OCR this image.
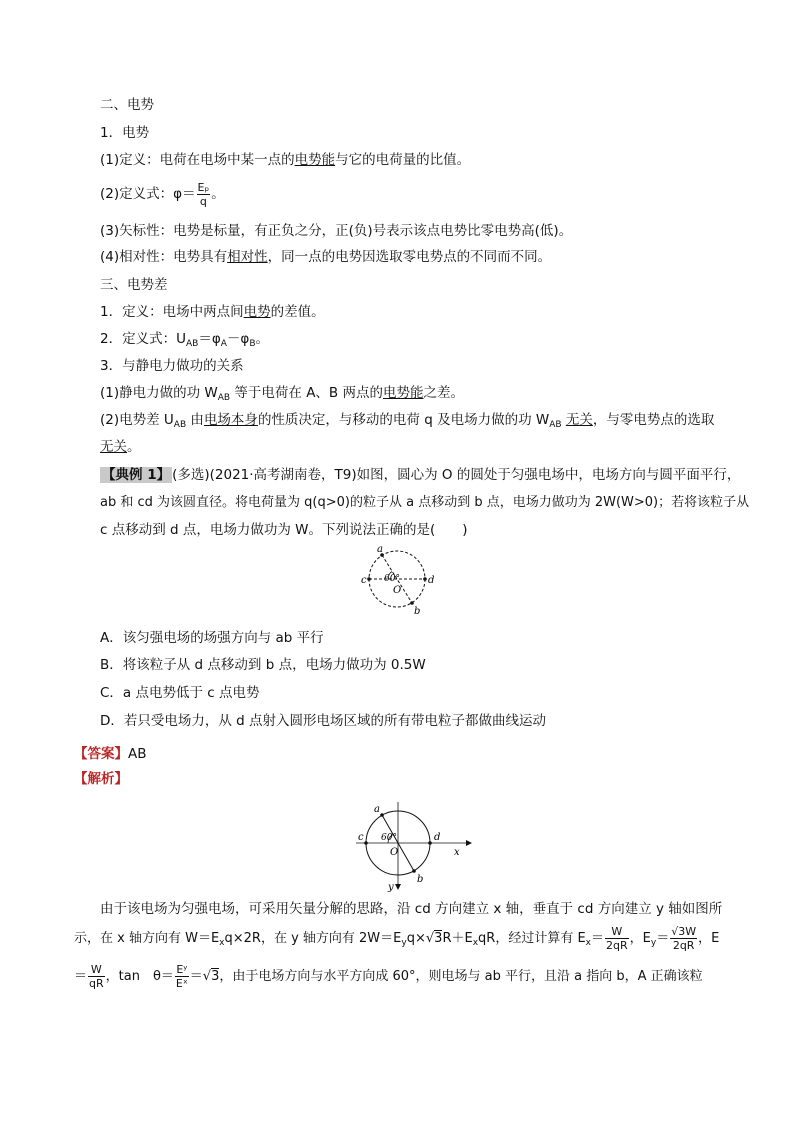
二、电势
1．电势
(1)定义：电荷在电场中某一点的电势能与它的电荷量的比值。
(2)定义式：$\varphi= \frac{\text{Eₚ}}{q}$ 。
(3)矢标性：电势是标量，有正负之分，正(负)号表示该点电势比零电势高(低)。
(4)相对性：电势具有相对性，同一点的电势因选取零电势点的不同而不同。
三、电势差
1．定义：电场中两点间电势的差值。
2．定义式：$U_{AB}=\varphi_A-\varphi_B$。
3．与静电力做功的关系
(1)静电力做的功 $W_{AB}$ 等于电荷在 A、B 两点的电势能之差。
(2)电势差 $U_{AB}$ 由电场本身的性质决定，与移动的电荷 q 及电场力做的功 $W_{AB}$ 无关，与零电势点的选取
无关。
【典例 1】 (多选)(2021·高考湖南卷，T9)如图，圆心为 O 的圆处于匀强电场中，电场方向与圆平面平行，
ab 和 cd 为该圆直径。将电荷量为 q(q>0)的粒子从 a 点移动到 b 点，电场力做功为 2W(W>0)；若将该粒子从
c 点移动到 d 点，电场力做功为 W。下列说法正确的是(　　)
a
b
c	d
O
60°
A．该匀强电场的场强方向与 ab 平行
B．将该粒子从 d 点移动到 b 点，电场力做功为 0.5W
C．a 点电势低于 c 点电势
D．若只受电场力，从 d 点射入圆形电场区域的所有带电粒子都做曲线运动
【答案】AB
【解析】
a
b
c	d
O	x
y
60°
由于该电场为匀强电场，可采用矢量分解的思路，沿 cd 方向建立 x 轴，垂直于 cd 方向建立 y 轴如图所
示，在 x 轴方向有 $W=E_xq\times 2R$，在 y 轴方向有 $2W=E_yq\times√3R+E_xqR$，经过计算有 $E_x= \frac{W}{2qR}$ ，$E_y= \frac{√3W}{2qR}$ ，E
＝ $\frac{W}{qR}$ ，tan　$\theta= \frac{\text{Eʸ}}{\text{Eˣ}} =√3$，由于电场方向与水平方向成 60°，则电场与 ab 平行，且沿 a 指向 b，A 正确该粒
